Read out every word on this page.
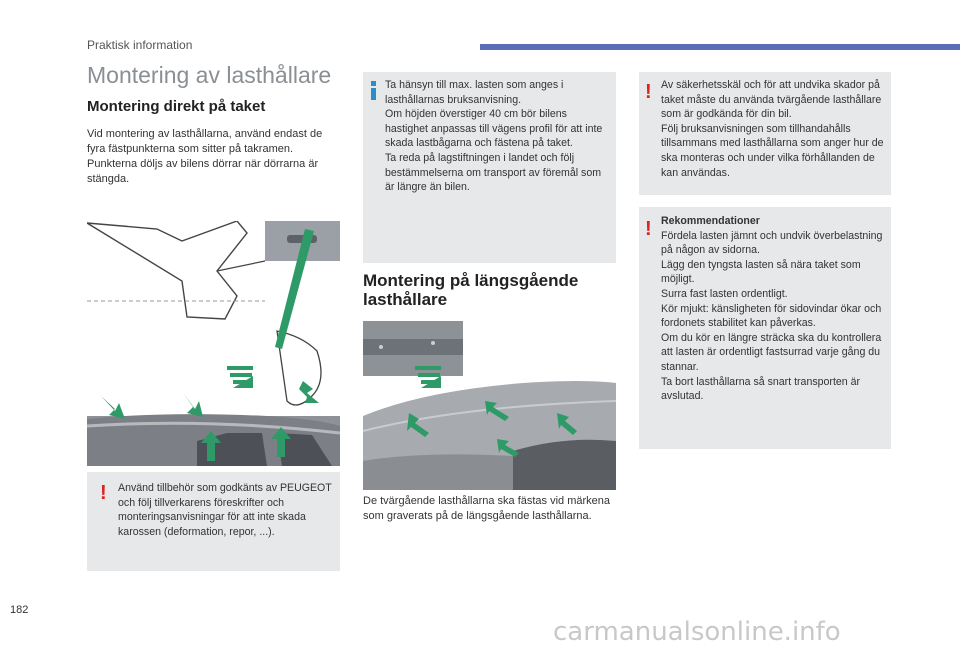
Praktisk information
Montering av lasthållare
Montering direkt på taket
Vid montering av lasthållarna, använd endast de fyra fästpunkterna som sitter på takramen. Punkterna döljs av bilens dörrar när dörrarna är stängda.
! Använd tillbehör som godkänts av PEUGEOT och följ tillverkarens föreskrifter och monteringsanvisningar för att inte skada karossen (deformation, repor, ...).
Ta hänsyn till max. lasten som anges i lasthållarnas bruksanvisning.
Om höjden överstiger 40 cm bör bilens hastighet anpassas till vägens profil för att inte skada lastbågarna och fästena på taket.
Ta reda på lagstiftningen i landet och följ bestämmelserna om transport av föremål som är längre än bilen.
Montering på längsgående lasthållare
De tvärgående lasthållarna ska fästas vid märkena som graverats på de längsgående lasthållarna.
! Av säkerhetsskäl och för att undvika skador på taket måste du använda tvärgående lasthållare som är godkända för din bil.
Följ bruksanvisningen som tillhandahålls tillsammans med lasthållarna som anger hur de ska monteras och under vilka förhållanden de kan användas.
! Rekommendationer
Fördela lasten jämnt och undvik överbelastning på någon av sidorna.
Lägg den tyngsta lasten så nära taket som möjligt.
Surra fast lasten ordentligt.
Kör mjukt: känsligheten för sidovindar ökar och fordonets stabilitet kan påverkas.
Om du kör en längre sträcka ska du kontrollera att lasten är ordentligt fastsurrad varje gång du stannar.
Ta bort lasthållarna så snart transporten är avslutad.
182
carmanualsonline.info
